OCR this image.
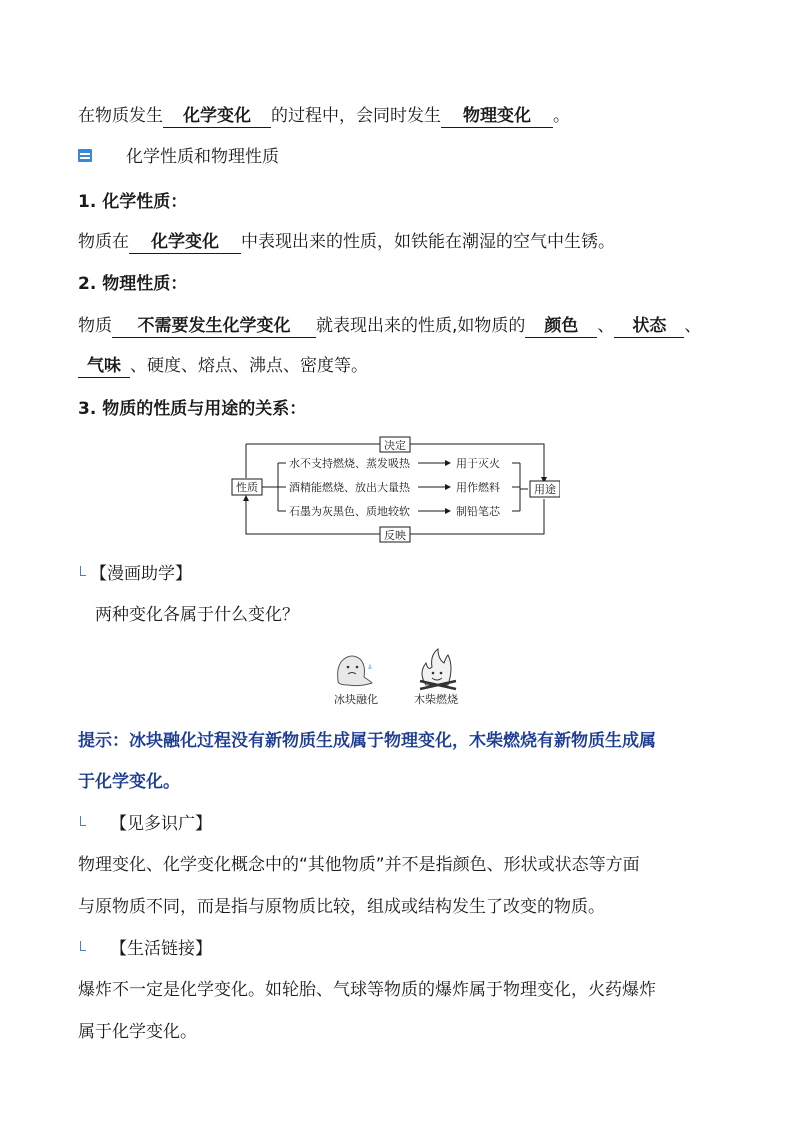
在物质发生 化学变化 的过程中，会同时发生 物理变化 。
化学性质和物理性质
1. 化学性质：
物质在 化学变化 中表现出来的性质，如铁能在潮湿的空气中生锈。
2. 物理性质：
物质 不需要发生化学变化 就表现出来的性质,如物质的 颜色 、 状态 、
气味 、硬度、熔点、沸点、密度等。
3. 物质的性质与用途的关系：
决定
反映
性质	用途
水不支持燃烧、蒸发吸热	用于灭火
酒精能燃烧、放出大量热	用作燃料
石墨为灰黑色、质地较软	制铅笔芯
【漫画助学】
两种变化各属于什么变化？
冰块融化	木柴燃烧
提示：冰块融化过程没有新物质生成属于物理变化，木柴燃烧有新物质生成属
于化学变化。
【见多识广】
物理变化、化学变化概念中的“其他物质”并不是指颜色、形状或状态等方面
与原物质不同，而是指与原物质比较，组成或结构发生了改变的物质。
【生活链接】
爆炸不一定是化学变化。如轮胎、气球等物质的爆炸属于物理变化，火药爆炸
属于化学变化。
